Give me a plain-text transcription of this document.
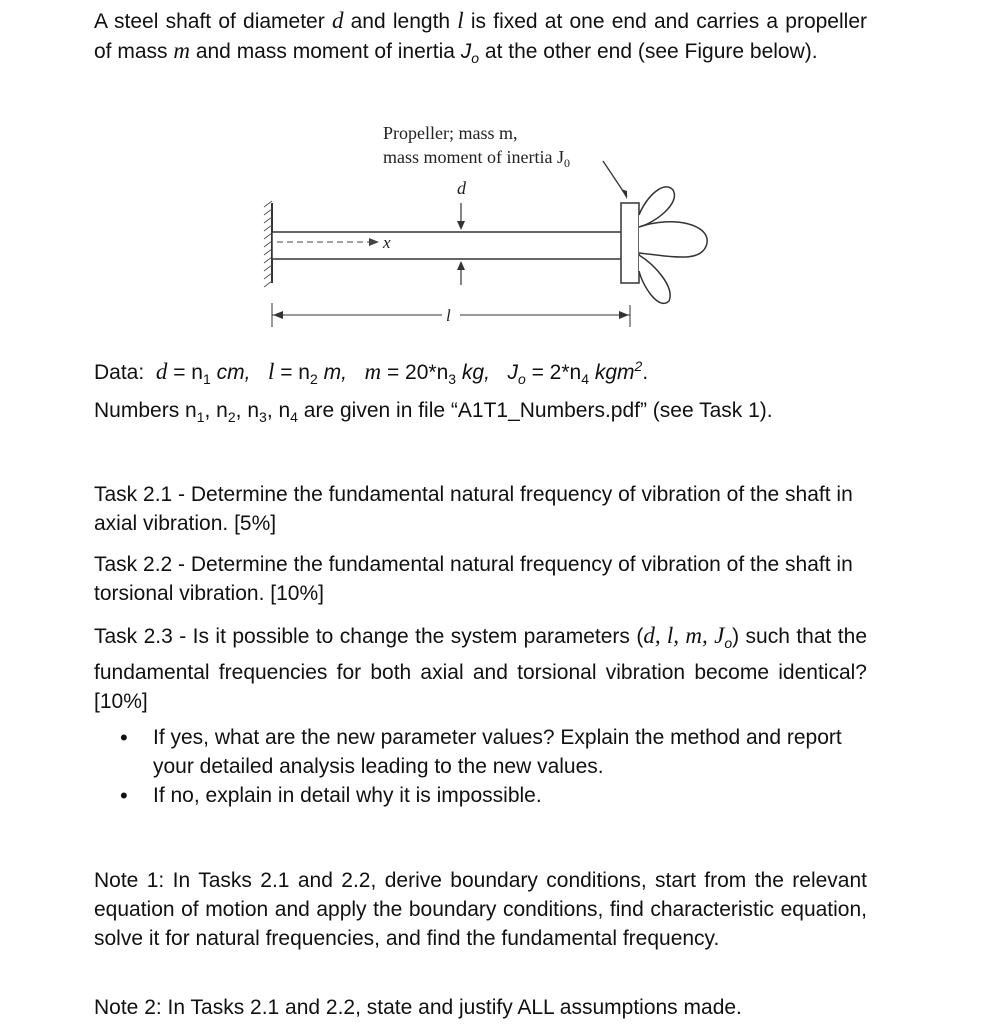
A steel shaft of diameter d and length l is fixed at one end and carries a propeller of mass m and mass moment of inertia $J_o$ at the other end (see Figure below).

Propeller; mass m,
mass moment of inertia $J_0$
d
x
l

Data: $d = n_1$ cm, $l = n_2$ m, $m = 20*n_3$ kg, $J_o = 2*n_4$ kgm$^2$.

Numbers $n_1$, $n_2$, $n_3$, $n_4$ are given in file “A1T1_Numbers.pdf” (see Task 1).

Task 2.1 - Determine the fundamental natural frequency of vibration of the shaft in axial vibration. [5%]

Task 2.2 - Determine the fundamental natural frequency of vibration of the shaft in torsional vibration. [10%]

Task 2.3 - Is it possible to change the system parameters (d, l, m, $J_o$) such that the fundamental frequencies for both axial and torsional vibration become identical? [10%]

• If yes, what are the new parameter values? Explain the method and report your detailed analysis leading to the new values.
• If no, explain in detail why it is impossible.

Note 1: In Tasks 2.1 and 2.2, derive boundary conditions, start from the relevant equation of motion and apply the boundary conditions, find characteristic equation, solve it for natural frequencies, and find the fundamental frequency.

Note 2: In Tasks 2.1 and 2.2, state and justify ALL assumptions made.
